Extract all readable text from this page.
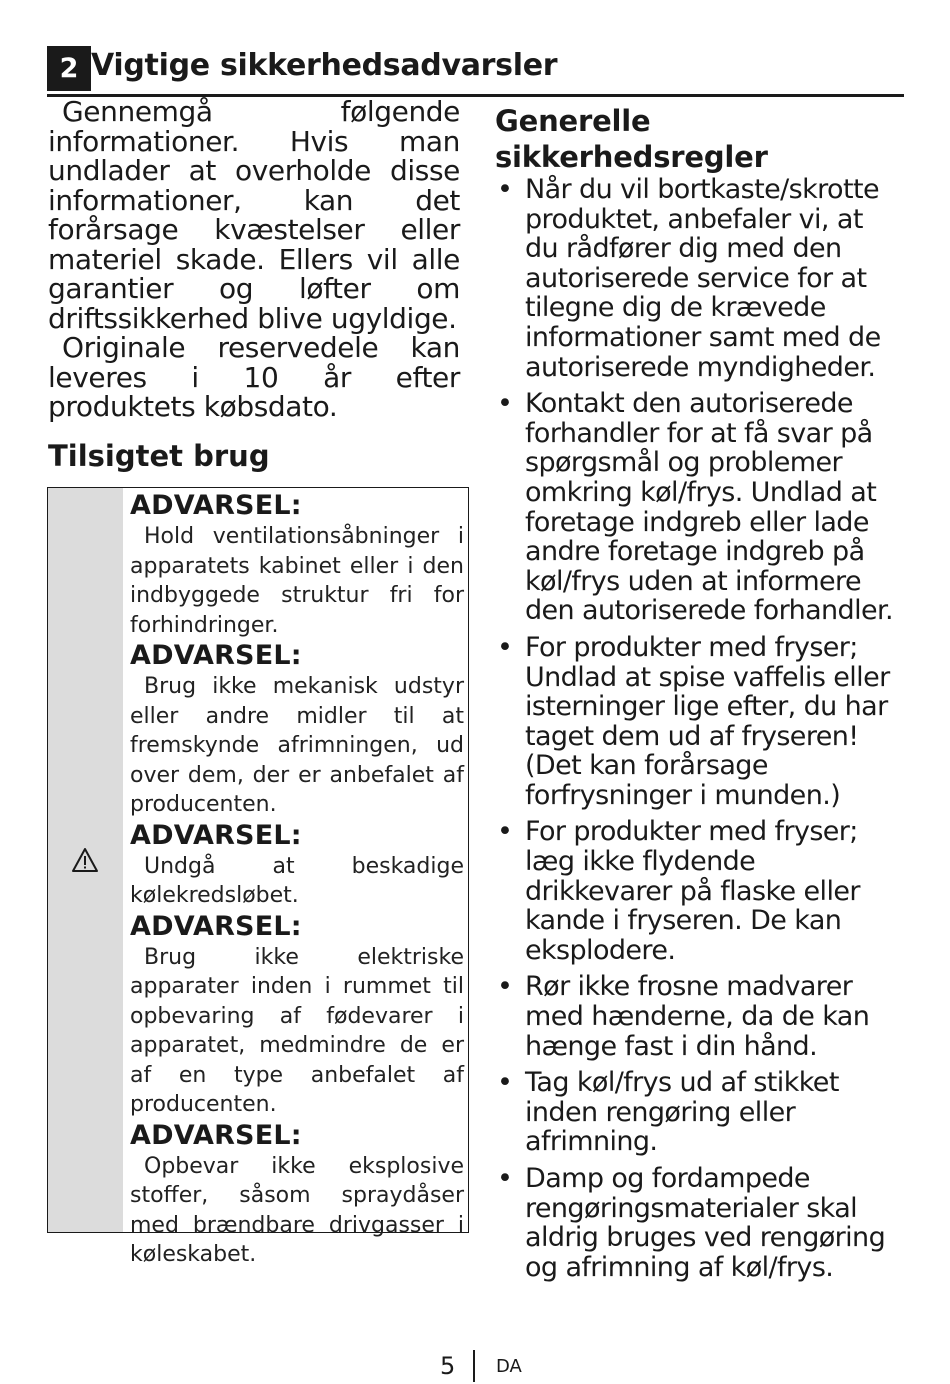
2 Vigtige sikkerhedsadvarsler

Gennemgå følgende informationer. Hvis man undlader at overholde disse informationer, kan det forårsage kvæstelser eller materiel skade. Ellers vil alle garantier og løfter om driftssikkerhed blive ugyldige.

Originale reservedele kan leveres i 10 år efter produktets købsdato.

Tilsigtet brug
ADVARSEL:

Hold ventilationsåbninger i apparatets kabinet eller i den indbyggede struktur fri for forhindringer.

ADVARSEL:

Brug ikke mekanisk udstyr eller andre midler til at fremskynde afrimningen, ud over dem, der er anbefalet af producenten.

ADVARSEL:

Undgå at beskadige kølekredsløbet.

ADVARSEL:

Brug ikke elektriske apparater inden i rummet til opbevaring af fødevarer i apparatet, medmindre de er af en type anbefalet af producenten.

ADVARSEL:

Opbevar ikke eksplosive stoffer, såsom spraydåser med brændbare drivgasser i køleskabet.

Generelle sikkerhedsregler
• Når du vil bortkaste/skrotte produktet, anbefaler vi, at du rådfører dig med den autoriserede service for at tilegne dig de krævede informationer samt med de autoriserede myndigheder.
• Kontakt den autoriserede forhandler for at få svar på spørgsmål og problemer omkring køl/frys. Undlad at foretage indgreb eller lade andre foretage indgreb på køl/frys uden at informere den autoriserede forhandler.
• For produkter med fryser; Undlad at spise vaffelis eller isterninger lige efter, du har taget dem ud af fryseren! (Det kan forårsage forfrysninger i munden.)
• For produkter med fryser; læg ikke flydende drikkevarer på flaske eller kande i fryseren. De kan eksplodere.
• Rør ikke frosne madvarer med hænderne, da de kan hænge fast i din hånd.
• Tag køl/frys ud af stikket inden rengøring eller afrimning.
• Damp og fordampede rengøringsmaterialer skal aldrig bruges ved rengøring og afrimning af køl/frys.
5 DA
